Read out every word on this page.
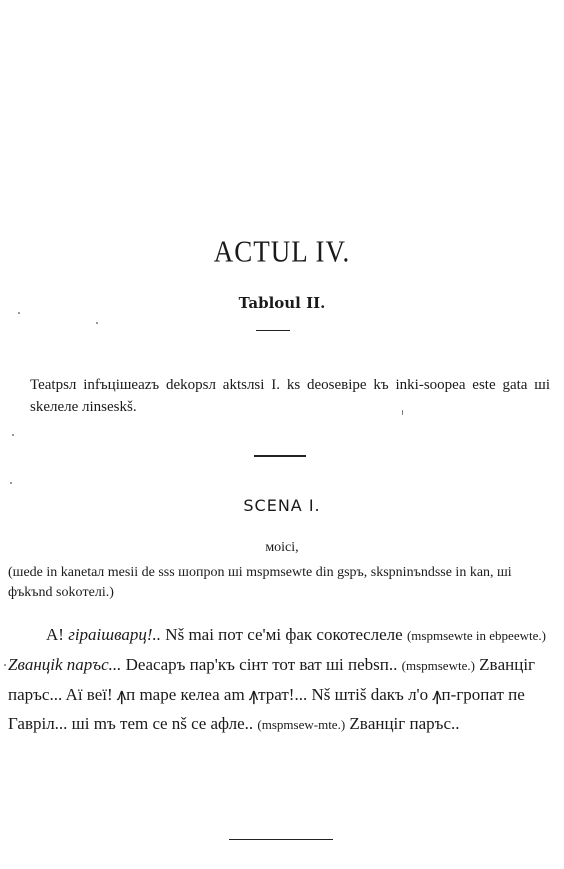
ACTUL IV.
Tabloul II.

Teatpsл infъцiшeazъ dekopsл aktsлsi I. ks deoseвipe kъ inki-soopea este gata шi skeлeлe лinseskš.

SCENA I.
мoici,

(шede in kanetaл mesii de sss шопрon шi mspmsewte din gspъ, skspninъndsse in kan, шi фъkъnd sokoтeлi.)

A! гiраiшваpц!.. Nš mai пот се'мi фак cокотеcлеле (mspmsewte in ebpeewte.) Zвaнцik пapъc... Deacapъ пap'къ ciнт тот ват ші пеbsп.. (mspmsewte.) Zвaнцiг пapъc... Aї веї! ꙟп mape келеа am ꙟтрат!... Nš штiš daкъ л'o ꙟп-гропат пе Гаврiл... ші mъ тem ce nš ce афле.. (mspmsew-mte.) Zвaнцiг пapъc..
